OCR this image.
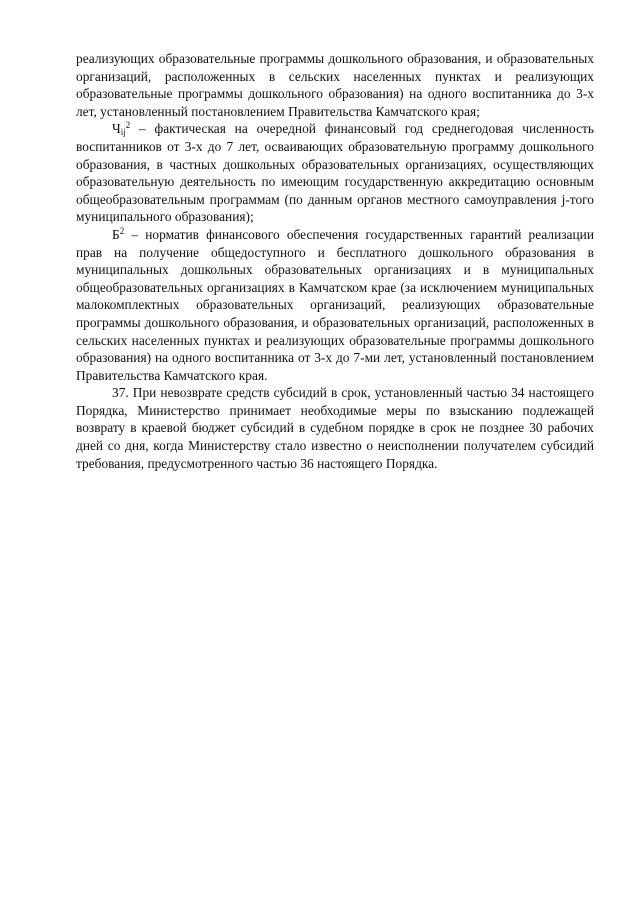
реализующих образовательные программы дошкольного образования, и образовательных организаций, расположенных в сельских населенных пунктах и реализующих образовательные программы дошкольного образования) на одного воспитанника до 3-х лет, установленный постановлением Правительства Камчатского края;

$Ч_{ij}^2$ – фактическая на очередной финансовый год среднегодовая численность воспитанников от 3-х до 7 лет, осваивающих образовательную программу дошкольного образования, в частных дошкольных образовательных организациях, осуществляющих образовательную деятельность по имеющим государственную аккредитацию основным общеобразовательным программам (по данным органов местного самоуправления j-того муниципального образования);

$Б^2$ – норматив финансового обеспечения государственных гарантий реализации прав на получение общедоступного и бесплатного дошкольного образования в муниципальных дошкольных образовательных организациях и в муниципальных общеобразовательных организациях в Камчатском крае (за исключением муниципальных малокомплектных образовательных организаций, реализующих образовательные программы дошкольного образования, и образовательных организаций, расположенных в сельских населенных пунктах и реализующих образовательные программы дошкольного образования) на одного воспитанника от 3-х до 7-ми лет, установленный постановлением Правительства Камчатского края.

37. При невозврате средств субсидий в срок, установленный частью 34 настоящего Порядка, Министерство принимает необходимые меры по взысканию подлежащей возврату в краевой бюджет субсидий в судебном порядке в срок не позднее 30 рабочих дней со дня, когда Министерству стало известно о неисполнении получателем субсидий требования, предусмотренного частью 36 настоящего Порядка.
